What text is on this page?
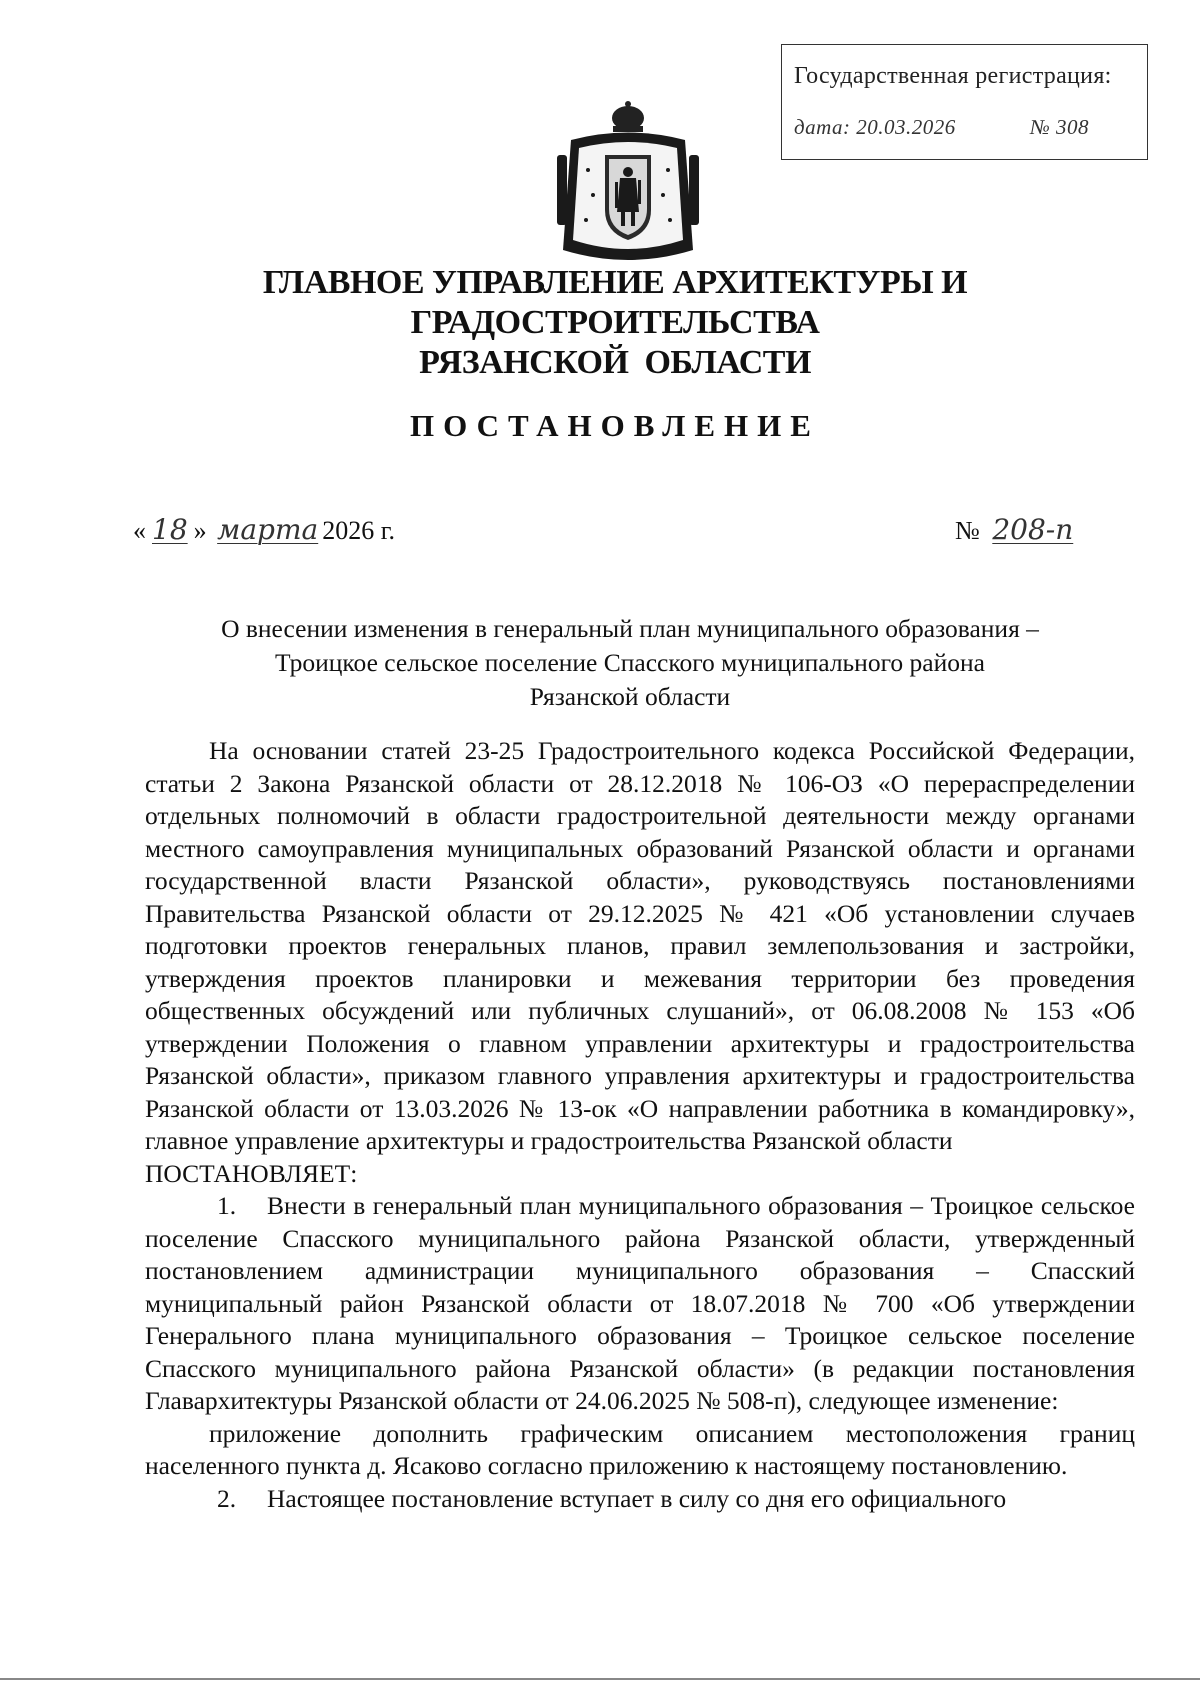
Государственная регистрация:
дата: 20.03.2026	№ 308
ГЛАВНОЕ УПРАВЛЕНИЕ АРХИТЕКТУРЫ И ГРАДОСТРОИТЕЛЬСТВА
РЯЗАНСКОЙ  ОБЛАСТИ
ПОСТАНОВЛЕНИЕ
« 18 » марта 2026 г.	№ 208-п
О внесении изменения в генеральный план муниципального образования –
Троицкое сельское поселение Спасского муниципального района
Рязанской области

На основании статей 23-25 Градостроительного кодекса Российской Федерации, статьи 2 Закона Рязанской области от 28.12.2018 № 106-ОЗ «О перераспределении отдельных полномочий в области градостроительной деятельности между органами местного самоуправления муниципальных образований Рязанской области и органами государственной власти Рязанской области», руководствуясь постановлениями Правительства Рязанской области от 29.12.2025 № 421 «Об установлении случаев подготовки проектов генеральных планов, правил землепользования и застройки, утверждения проектов планировки и межевания территории без проведения общественных обсуждений или публичных слушаний», от 06.08.2008 № 153 «Об утверждении Положения о главном управлении архитектуры и градостроительства Рязанской области», приказом главного управления архитектуры и градостроительства Рязанской области от 13.03.2026 № 13-ок «О направлении работника в командировку», главное управление архитектуры и градостроительства Рязанской области

ПОСТАНОВЛЯЕТ:

1. Внести в генеральный план муниципального образования – Троицкое сельское поселение Спасского муниципального района Рязанской области, утвержденный постановлением администрации муниципального образования – Спасский муниципальный район Рязанской области от 18.07.2018 № 700 «Об утверждении Генерального плана муниципального образования – Троицкое сельское поселение Спасского муниципального района Рязанской области» (в редакции постановления Главархитектуры Рязанской области от 24.06.2025 № 508-п), следующее изменение:

приложение дополнить графическим описанием местоположения границ населенного пункта д. Ясаково согласно приложению к настоящему постановлению.

2. Настоящее постановление вступает в силу со дня его официального
